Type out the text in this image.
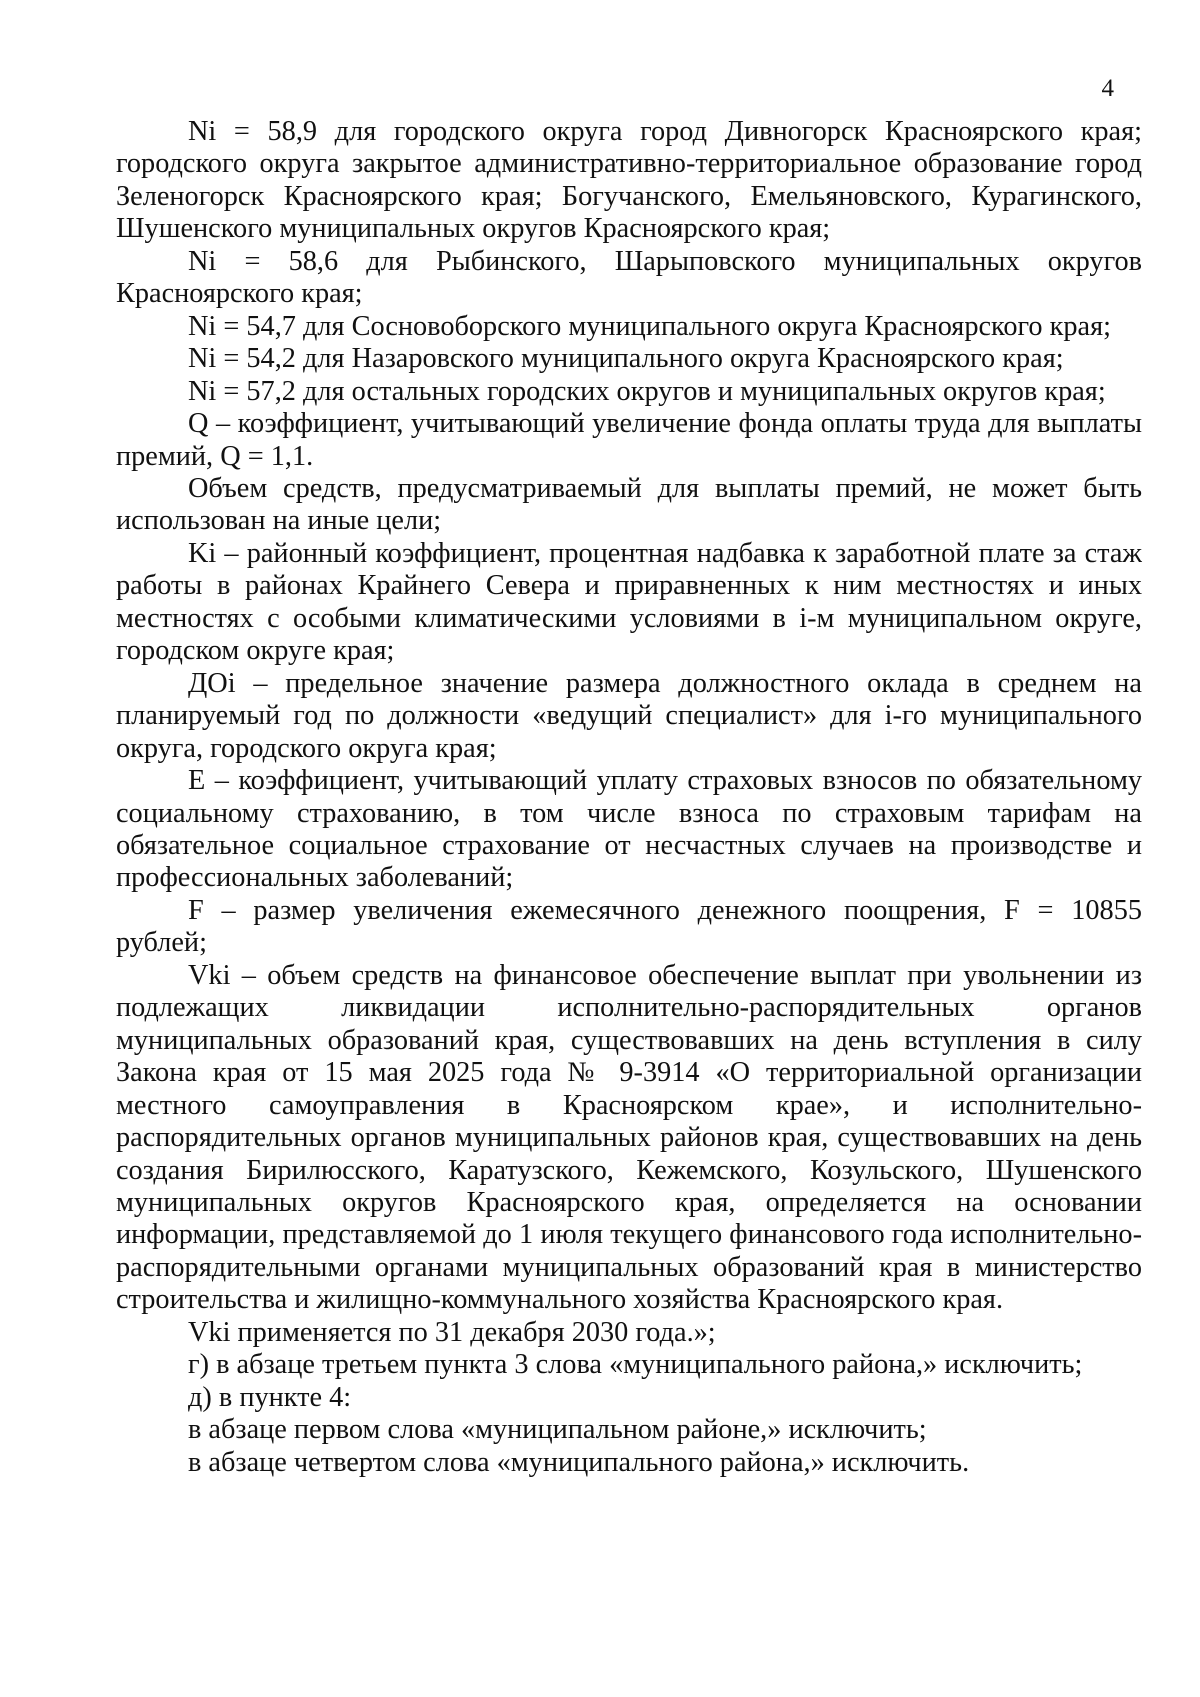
4

Ni = 58,9 для городского округа город Дивногорск Красноярского края; городского округа закрытое административно-территориальное образование город Зеленогорск Красноярского края; Богучанского, Емельяновского, Курагинского, Шушенского муниципальных округов Красноярского края;

Ni = 58,6 для Рыбинского, Шарыповского муниципальных округов Красноярского края;

Ni = 54,7 для Сосновоборского муниципального округа Красноярского края;

Ni = 54,2 для Назаровского муниципального округа Красноярского края;

Ni = 57,2 для остальных городских округов и муниципальных округов края;

Q – коэффициент, учитывающий увеличение фонда оплаты труда для выплаты премий, Q = 1,1.

Объем средств, предусматриваемый для выплаты премий, не может быть использован на иные цели;

Ki – районный коэффициент, процентная надбавка к заработной плате за стаж работы в районах Крайнего Севера и приравненных к ним местностях и иных местностях с особыми климатическими условиями в i-м муниципальном округе, городском округе края;

ДОi – предельное значение размера должностного оклада в среднем на планируемый год по должности «ведущий специалист» для i-го муниципального округа, городского округа края;

E – коэффициент, учитывающий уплату страховых взносов по обязательному социальному страхованию, в том числе взноса по страховым тарифам на обязательное социальное страхование от несчастных случаев на производстве и профессиональных заболеваний;

F – размер увеличения ежемесячного денежного поощрения, F = 10855 рублей;

Vki – объем средств на финансовое обеспечение выплат при увольнении из подлежащих ликвидации исполнительно-распорядительных органов муниципальных образований края, существовавших на день вступления в силу Закона края от 15 мая 2025 года № 9-3914 «О территориальной организации местного самоуправления в Красноярском крае», и исполнительно-распорядительных органов муниципальных районов края, существовавших на день создания Бирилюсского, Каратузского, Кежемского, Козульского, Шушенского муниципальных округов Красноярского края, определяется на основании информации, представляемой до 1 июля текущего финансового года исполнительно-распорядительными органами муниципальных образований края в министерство строительства и жилищно-коммунального хозяйства Красноярского края.

Vki применяется по 31 декабря 2030 года.»;

г) в абзаце третьем пункта 3 слова «муниципального района,» исключить;

д) в пункте 4:

в абзаце первом слова «муниципальном районе,» исключить;

в абзаце четвертом слова «муниципального района,» исключить.
